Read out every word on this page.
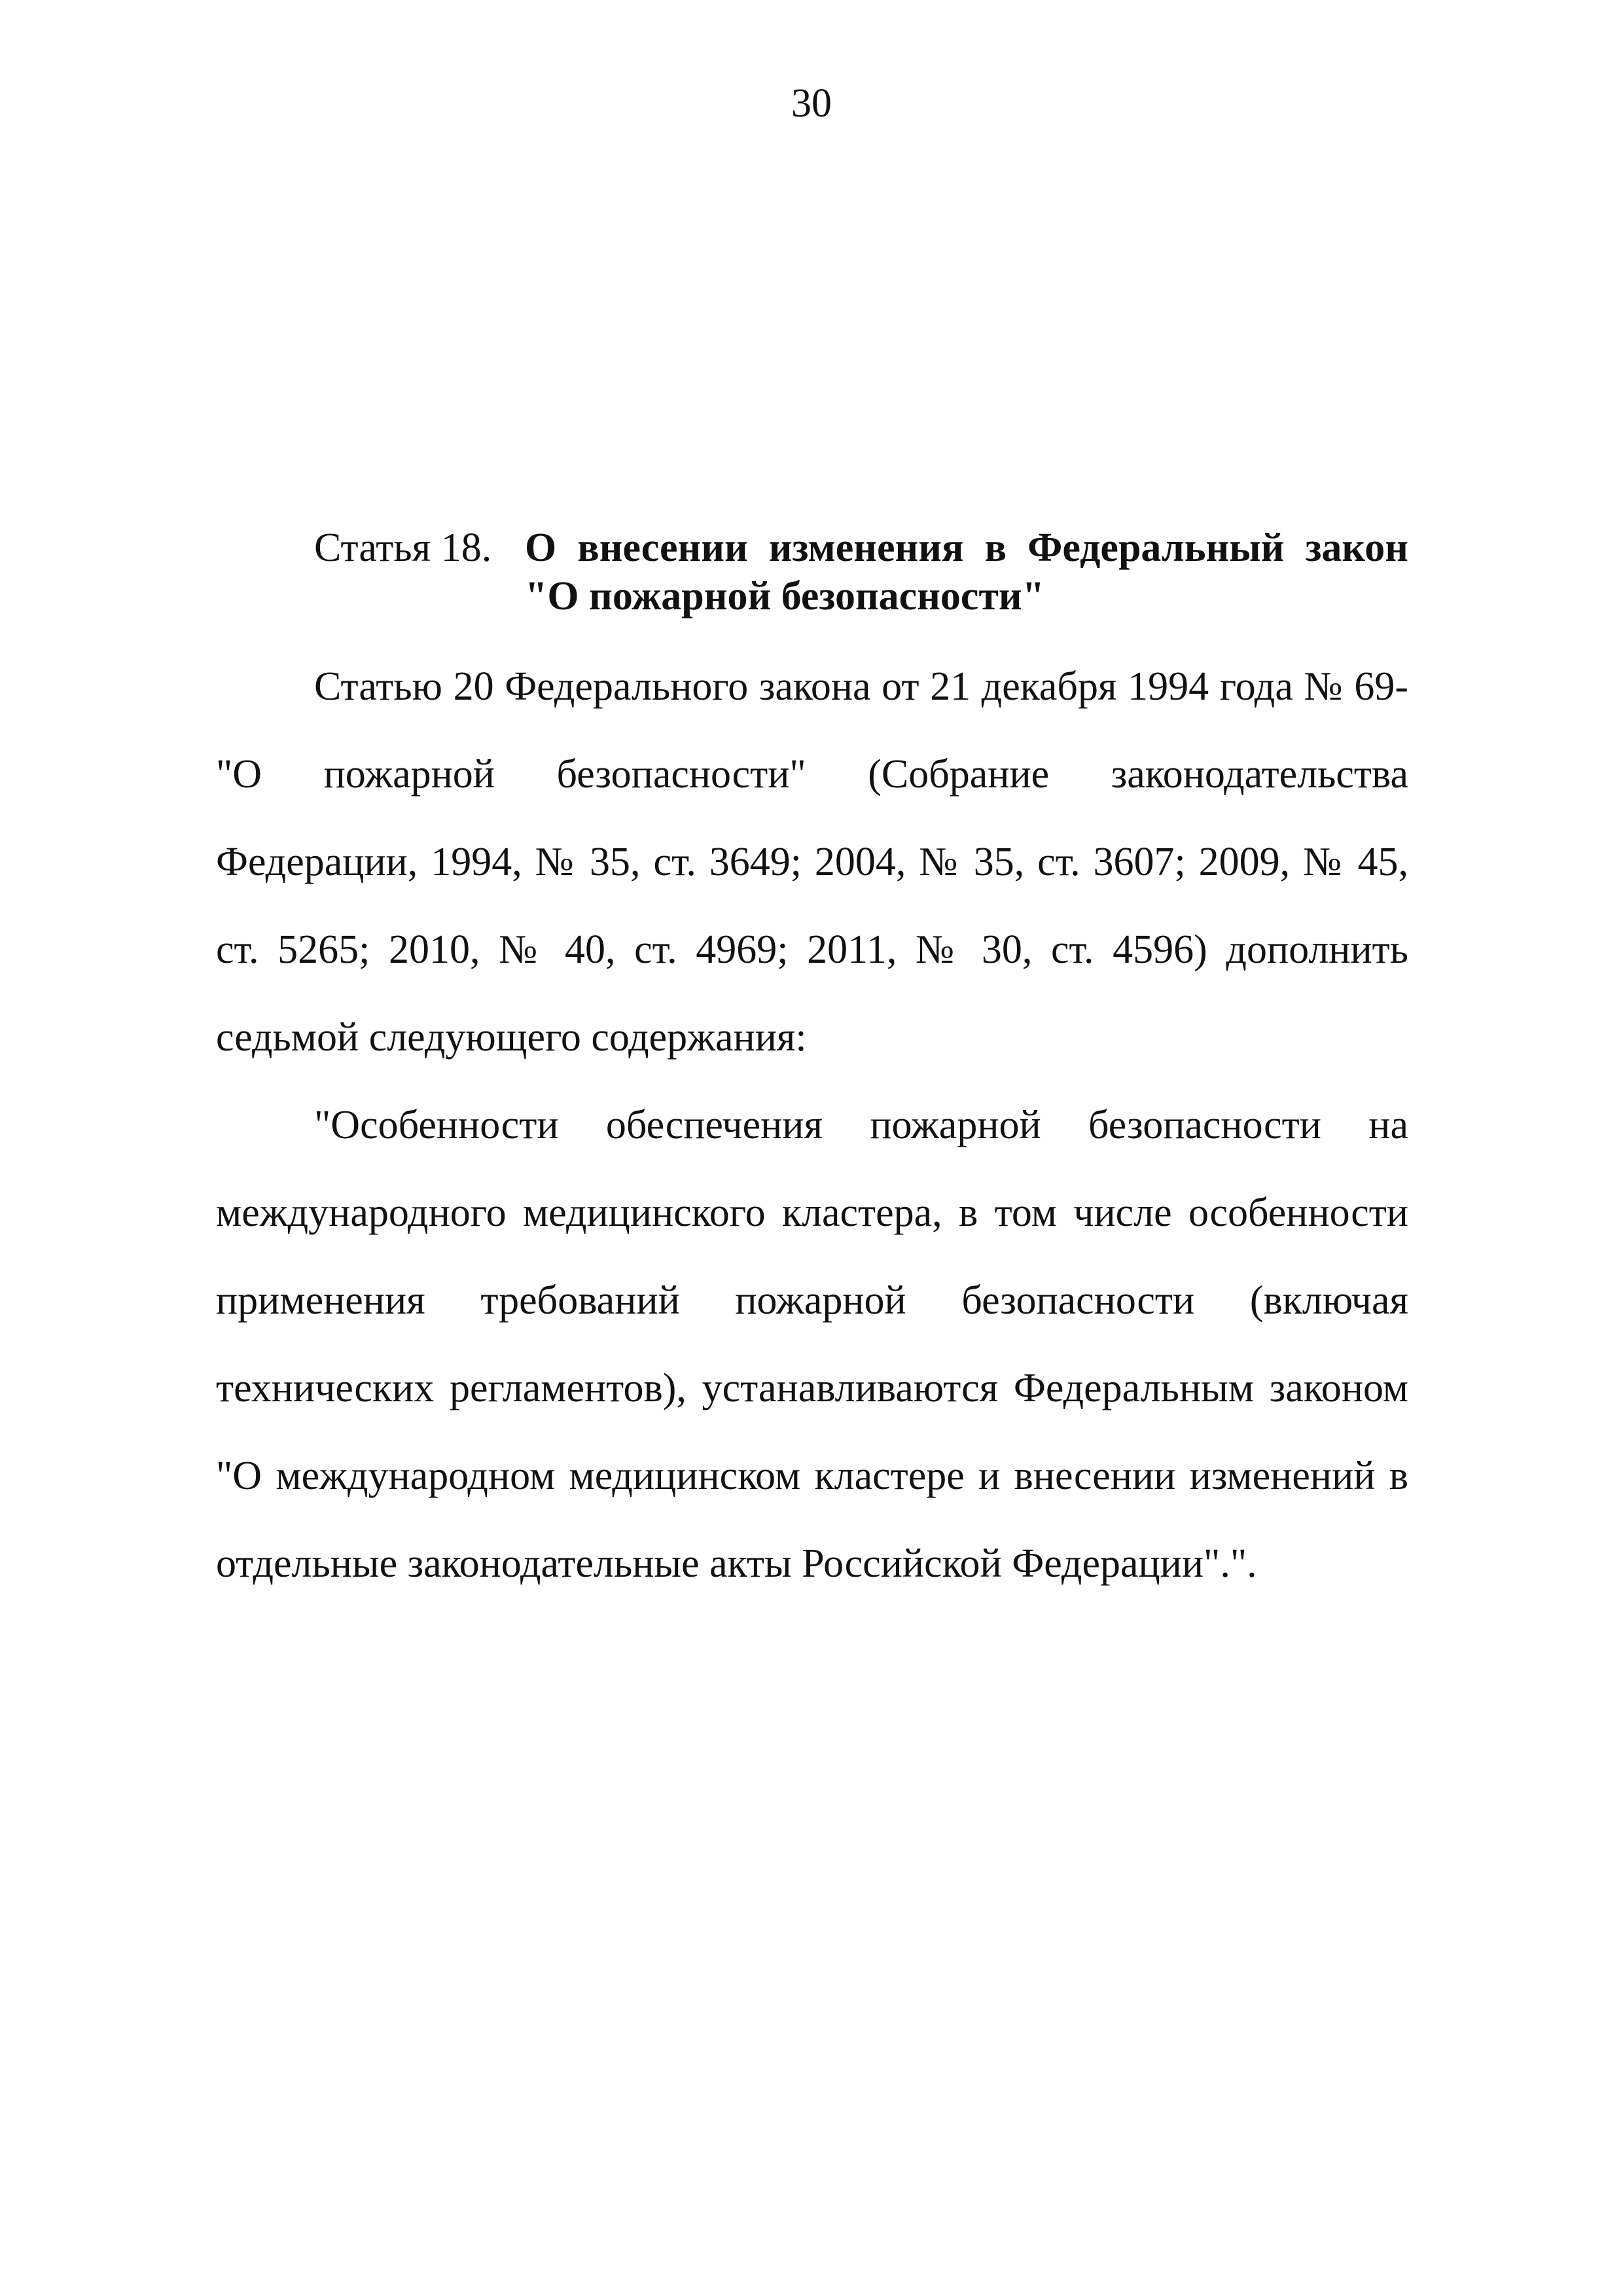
30
Статья 18. О внесении изменения в Федеральный закон
"О пожарной безопасности"
Статью 20 Федерального закона от 21 декабря 1994 года № 69-
"О пожарной безопасности" (Собрание законодательства
Федерации, 1994, № 35, ст. 3649; 2004, № 35, ст. 3607; 2009, № 45,
ст. 5265; 2010, № 40, ст. 4969; 2011, № 30, ст. 4596) дополнить
седьмой следующего содержания:
"Особенности обеспечения пожарной безопасности на
международного медицинского кластера, в том числе особенности
применения требований пожарной безопасности (включая
технических регламентов), устанавливаются Федеральным законом
"О международном медицинском кластере и внесении изменений в
отдельные законодательные акты Российской Федерации".".
